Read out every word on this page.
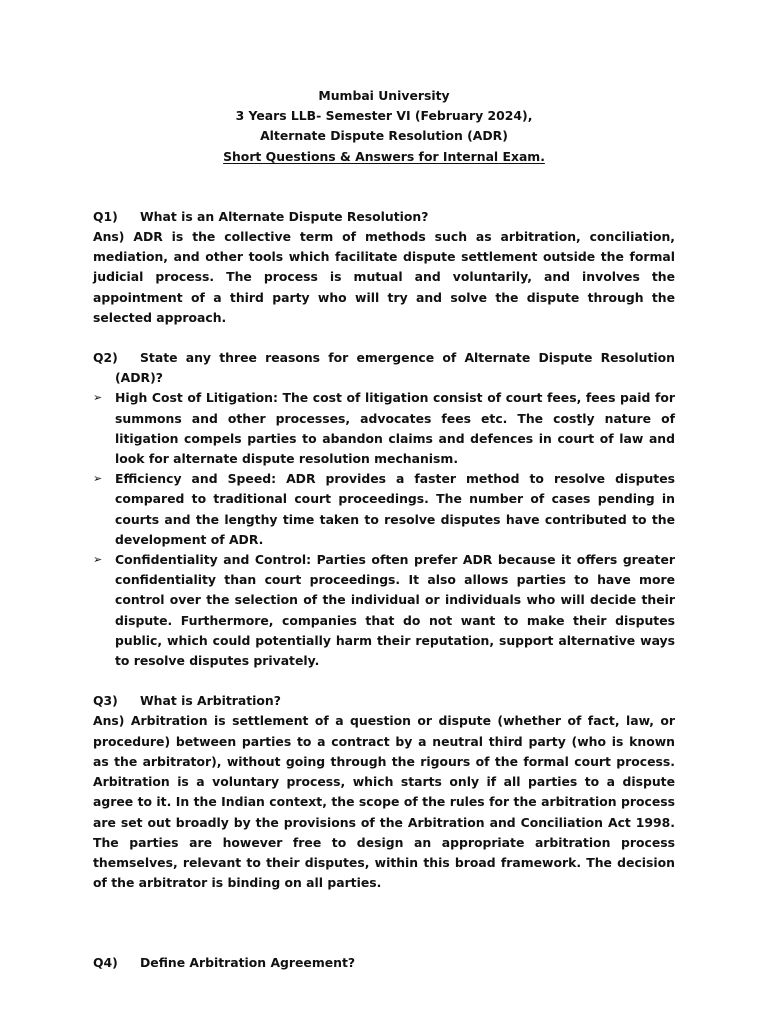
Mumbai University
3 Years LLB- Semester VI (February 2024),
Alternate Dispute Resolution (ADR)
Short Questions & Answers for Internal Exam.
Q1)	What is an Alternate Dispute Resolution?

Ans) ADR is the collective term of methods such as arbitration, conciliation, mediation, and other tools which facilitate dispute settlement outside the formal judicial process. The process is mutual and voluntarily, and involves the appointment of a third party who will try and solve the dispute through the selected approach.

Q2) State any three reasons for emergence of Alternate Dispute Resolution (ADR)?
➢ High Cost of Litigation: The cost of litigation consist of court fees, fees paid for summons and other processes, advocates fees etc. The costly nature of litigation compels parties to abandon claims and defences in court of law and look for alternate dispute resolution mechanism.
➢ Efficiency and Speed: ADR provides a faster method to resolve disputes compared to traditional court proceedings. The number of cases pending in courts and the lengthy time taken to resolve disputes have contributed to the development of ADR.
➢ Confidentiality and Control: Parties often prefer ADR because it offers greater confidentiality than court proceedings. It also allows parties to have more control over the selection of the individual or individuals who will decide their dispute. Furthermore, companies that do not want to make their disputes public, which could potentially harm their reputation, support alternative ways to resolve disputes privately.
Q3)	What is Arbitration?

Ans) Arbitration is settlement of a question or dispute (whether of fact, law, or procedure) between parties to a contract by a neutral third party (who is known as the arbitrator), without going through the rigours of the formal court process. Arbitration is a voluntary process, which starts only if all parties to a dispute agree to it. In the Indian context, the scope of the rules for the arbitration process are set out broadly by the provisions of the Arbitration and Conciliation Act 1998. The parties are however free to design an appropriate arbitration process themselves, relevant to their disputes, within this broad framework. The decision of the arbitrator is binding on all parties.

Q4)	Define Arbitration Agreement?
